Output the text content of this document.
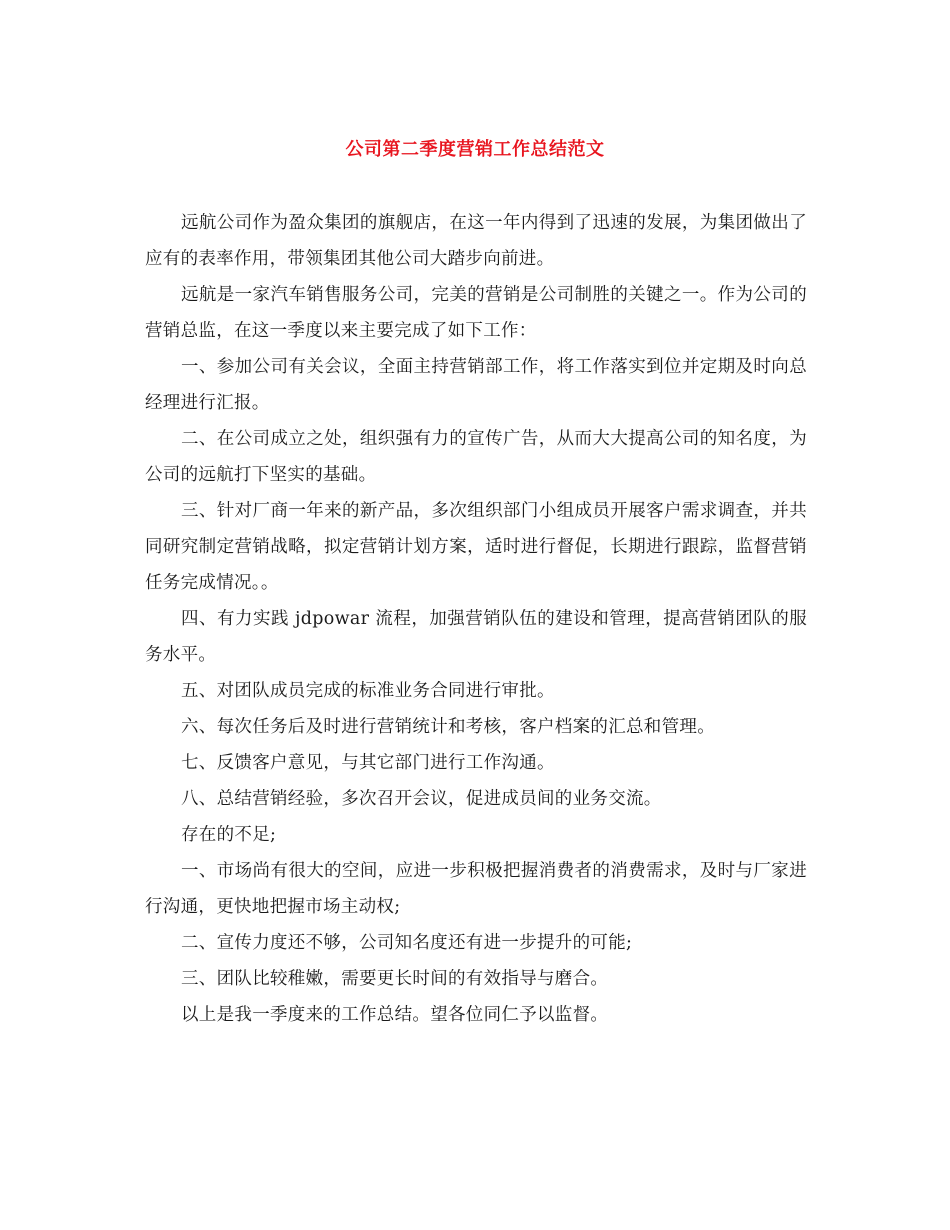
公司第二季度营销工作总结范文

远航公司作为盈众集团的旗舰店，在这一年内得到了迅速的发展，为集团做出了应有的表率作用，带领集团其他公司大踏步向前进。

远航是一家汽车销售服务公司，完美的营销是公司制胜的关键之一。作为公司的营销总监，在这一季度以来主要完成了如下工作：

一、参加公司有关会议，全面主持营销部工作，将工作落实到位并定期及时向总经理进行汇报。

二、在公司成立之处，组织强有力的宣传广告，从而大大提高公司的知名度，为公司的远航打下坚实的基础。

三、针对厂商一年来的新产品，多次组织部门小组成员开展客户需求调查，并共同研究制定营销战略，拟定营销计划方案，适时进行督促，长期进行跟踪，监督营销任务完成情况。。

四、有力实践 jdpowar 流程，加强营销队伍的建设和管理，提高营销团队的服务水平。

五、对团队成员完成的标准业务合同进行审批。

六、每次任务后及时进行营销统计和考核，客户档案的汇总和管理。

七、反馈客户意见，与其它部门进行工作沟通。

八、总结营销经验，多次召开会议，促进成员间的业务交流。

存在的不足;

一、市场尚有很大的空间，应进一步积极把握消费者的消费需求，及时与厂家进行沟通，更快地把握市场主动权;

二、宣传力度还不够，公司知名度还有进一步提升的可能;

三、团队比较稚嫩，需要更长时间的有效指导与磨合。

以上是我一季度来的工作总结。望各位同仁予以监督。
